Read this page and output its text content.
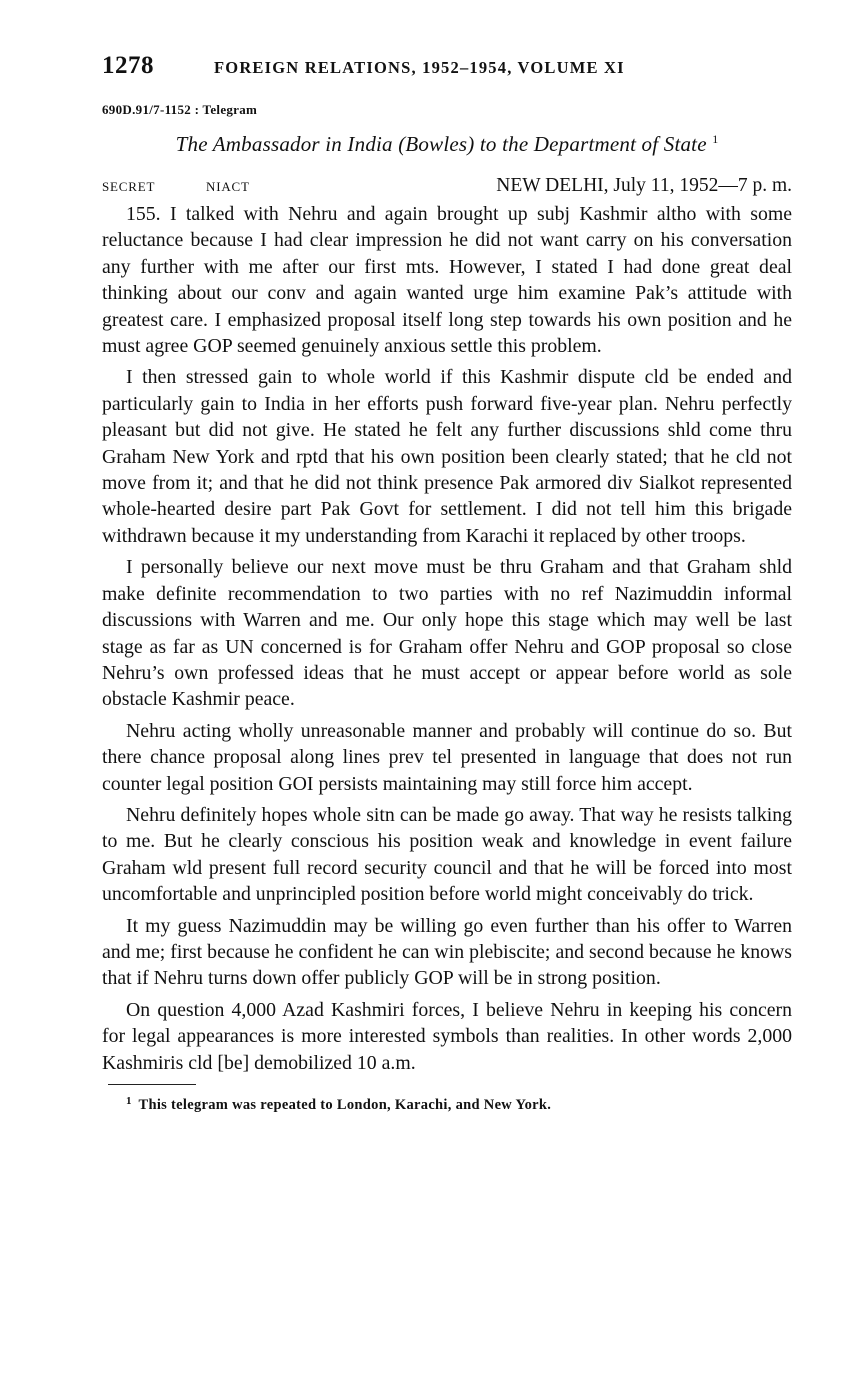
1278	FOREIGN RELATIONS, 1952–1954, VOLUME XI
690D.91/7-1152 : Telegram
The Ambassador in India (Bowles) to the Department of State $^1$
SECRET	NIACT	NEW DELHI, July 11, 1952—7 p. m.

155. I talked with Nehru and again brought up subj Kashmir altho with some reluctance because I had clear impression he did not want carry on his conversation any further with me after our first mts. However, I stated I had done great deal thinking about our conv and again wanted urge him examine Pak’s attitude with greatest care. I emphasized proposal itself long step towards his own position and he must agree GOP seemed genuinely anxious settle this problem.

I then stressed gain to whole world if this Kashmir dispute cld be ended and particularly gain to India in her efforts push forward five-year plan. Nehru perfectly pleasant but did not give. He stated he felt any further discussions shld come thru Graham New York and rptd that his own position been clearly stated; that he cld not move from it; and that he did not think presence Pak armored div Sialkot represented whole-hearted desire part Pak Govt for settlement. I did not tell him this brigade withdrawn because it my understanding from Karachi it replaced by other troops.

I personally believe our next move must be thru Graham and that Graham shld make definite recommendation to two parties with no ref Nazimuddin informal discussions with Warren and me. Our only hope this stage which may well be last stage as far as UN concerned is for Graham offer Nehru and GOP proposal so close Nehru’s own professed ideas that he must accept or appear before world as sole obstacle Kashmir peace.

Nehru acting wholly unreasonable manner and probably will continue do so. But there chance proposal along lines prev tel presented in language that does not run counter legal position GOI persists maintaining may still force him accept.

Nehru definitely hopes whole sitn can be made go away. That way he resists talking to me. But he clearly conscious his position weak and knowledge in event failure Graham wld present full record security council and that he will be forced into most uncomfortable and unprincipled position before world might conceivably do trick.

It my guess Nazimuddin may be willing go even further than his offer to Warren and me; first because he confident he can win plebiscite; and second because he knows that if Nehru turns down offer publicly GOP will be in strong position.

On question 4,000 Azad Kashmiri forces, I believe Nehru in keeping his concern for legal appearances is more interested symbols than realities. In other words 2,000 Kashmiris cld [be] demobilized 10 a.m.

$^1$ This telegram was repeated to London, Karachi, and New York.
